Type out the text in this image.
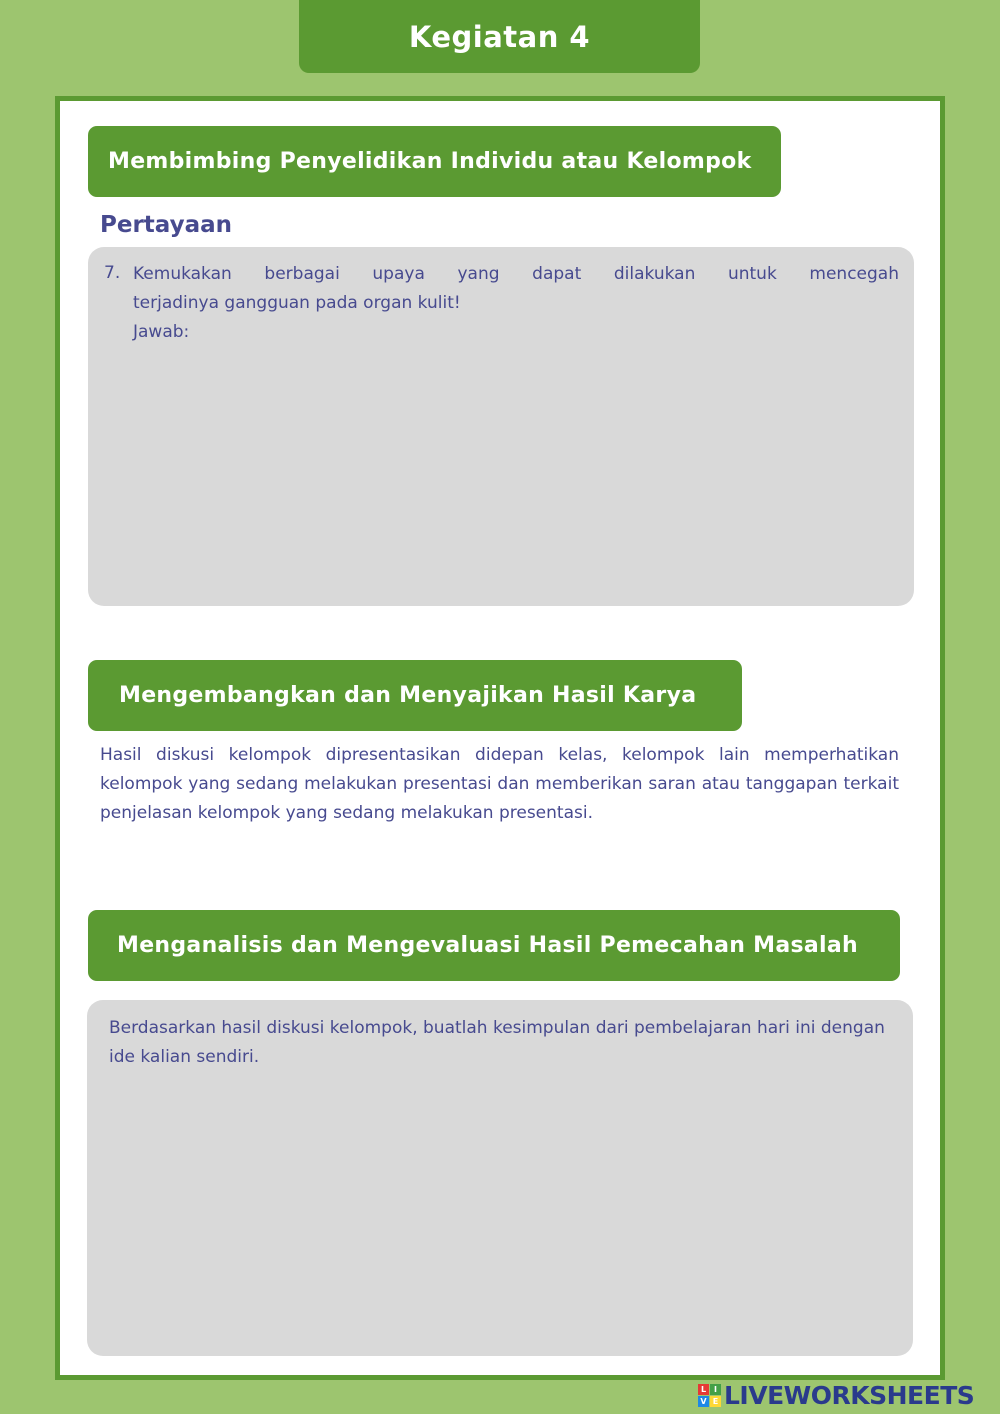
Kegiatan 4
Membimbing Penyelidikan Individu atau Kelompok
Pertayaan
7. Kemukakan berbagai upaya yang dapat dilakukan untuk mencegah
terjadinya gangguan pada organ kulit!
Jawab:
Mengembangkan dan Menyajikan Hasil Karya
Hasil diskusi kelompok dipresentasikan didepan kelas, kelompok lain memperhatikan kelompok yang sedang melakukan presentasi dan memberikan saran atau tanggapan terkait penjelasan kelompok yang sedang melakukan presentasi.
Menganalisis dan Mengevaluasi Hasil Pemecahan Masalah
Berdasarkan hasil diskusi kelompok, buatlah kesimpulan dari pembelajaran hari ini dengan ide kalian sendiri.
L I
V E LIVEWORKSHEETS
